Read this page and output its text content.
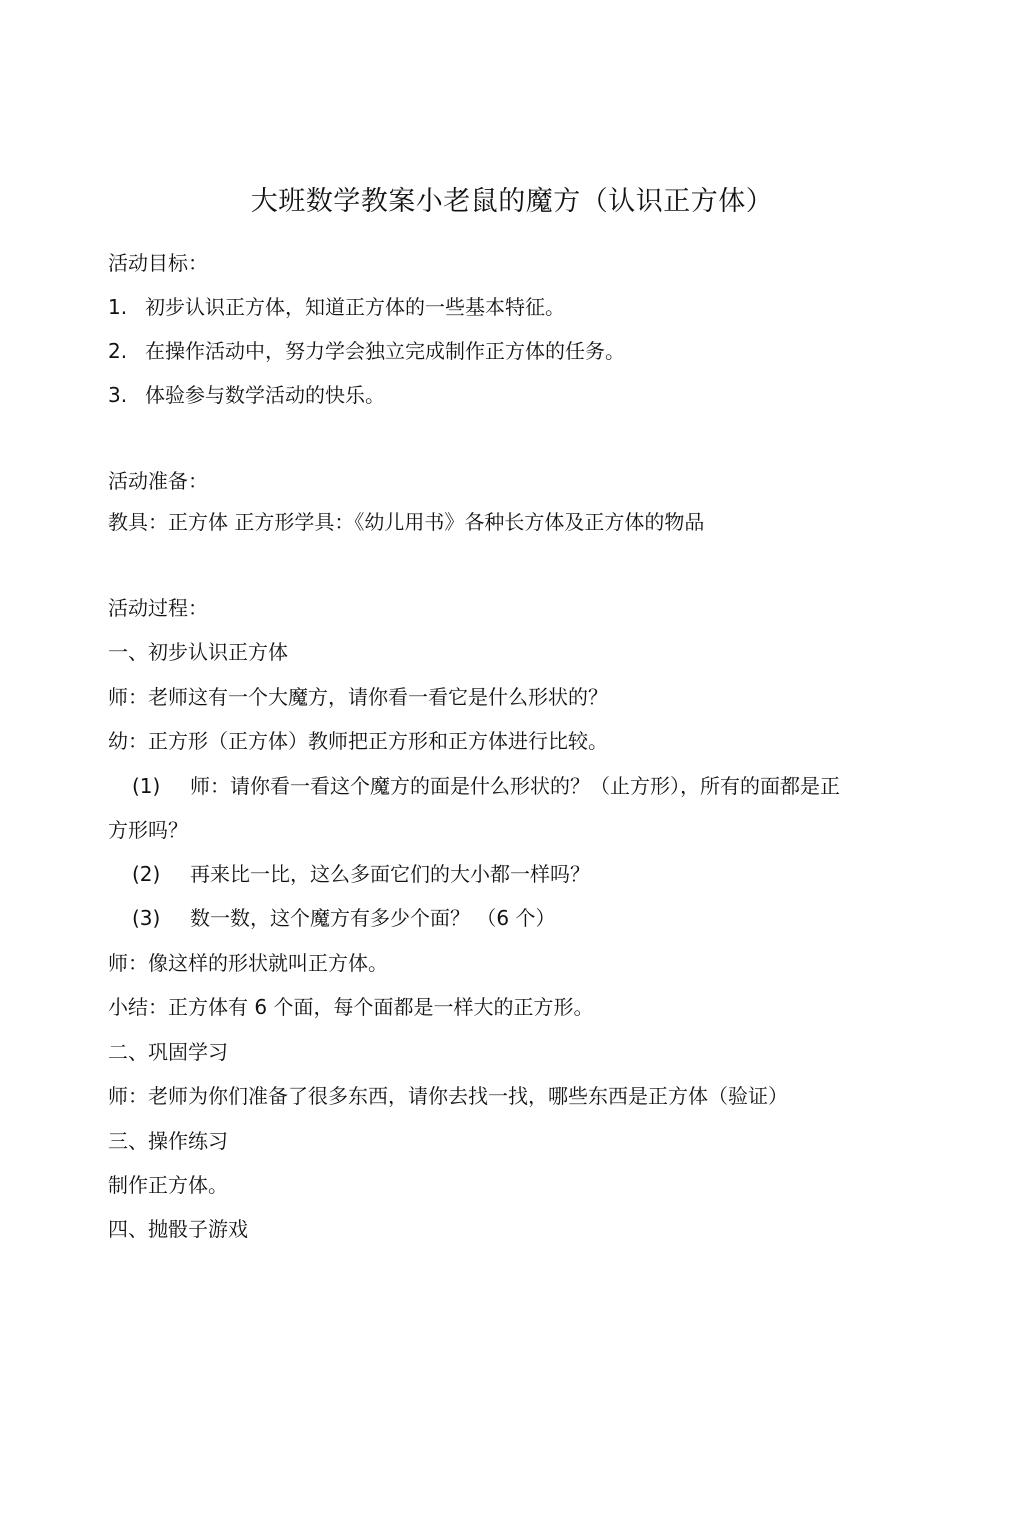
大班数学教案小老鼠的魔方（认识正方体）
活动目标：
1. 初步认识正方体，知道正方体的一些基本特征。
2. 在操作活动中，努力学会独立完成制作正方体的任务。
3. 体验参与数学活动的快乐。
活动准备：
教具：正方体 正方形学具：《幼儿用书》各种长方体及正方体的物品
活动过程：
一、初步认识正方体
师：老师这有一个大魔方，请你看一看它是什么形状的？
幼：正方形（正方体）教师把正方形和正方体进行比较。
(1) 师：请你看一看这个魔方的面是什么形状的？（止方形），所有的面都是正
方形吗？
(2) 再来比一比，这么多面它们的大小都一样吗？
(3) 数一数，这个魔方有多少个面？ （6 个）
师：像这样的形状就叫正方体。
小结：正方体有 6 个面，每个面都是一样大的正方形。
二、巩固学习
师：老师为你们准备了很多东西，请你去找一找，哪些东西是正方体（验证）
三、操作练习
制作正方体。
四、抛骰子游戏
